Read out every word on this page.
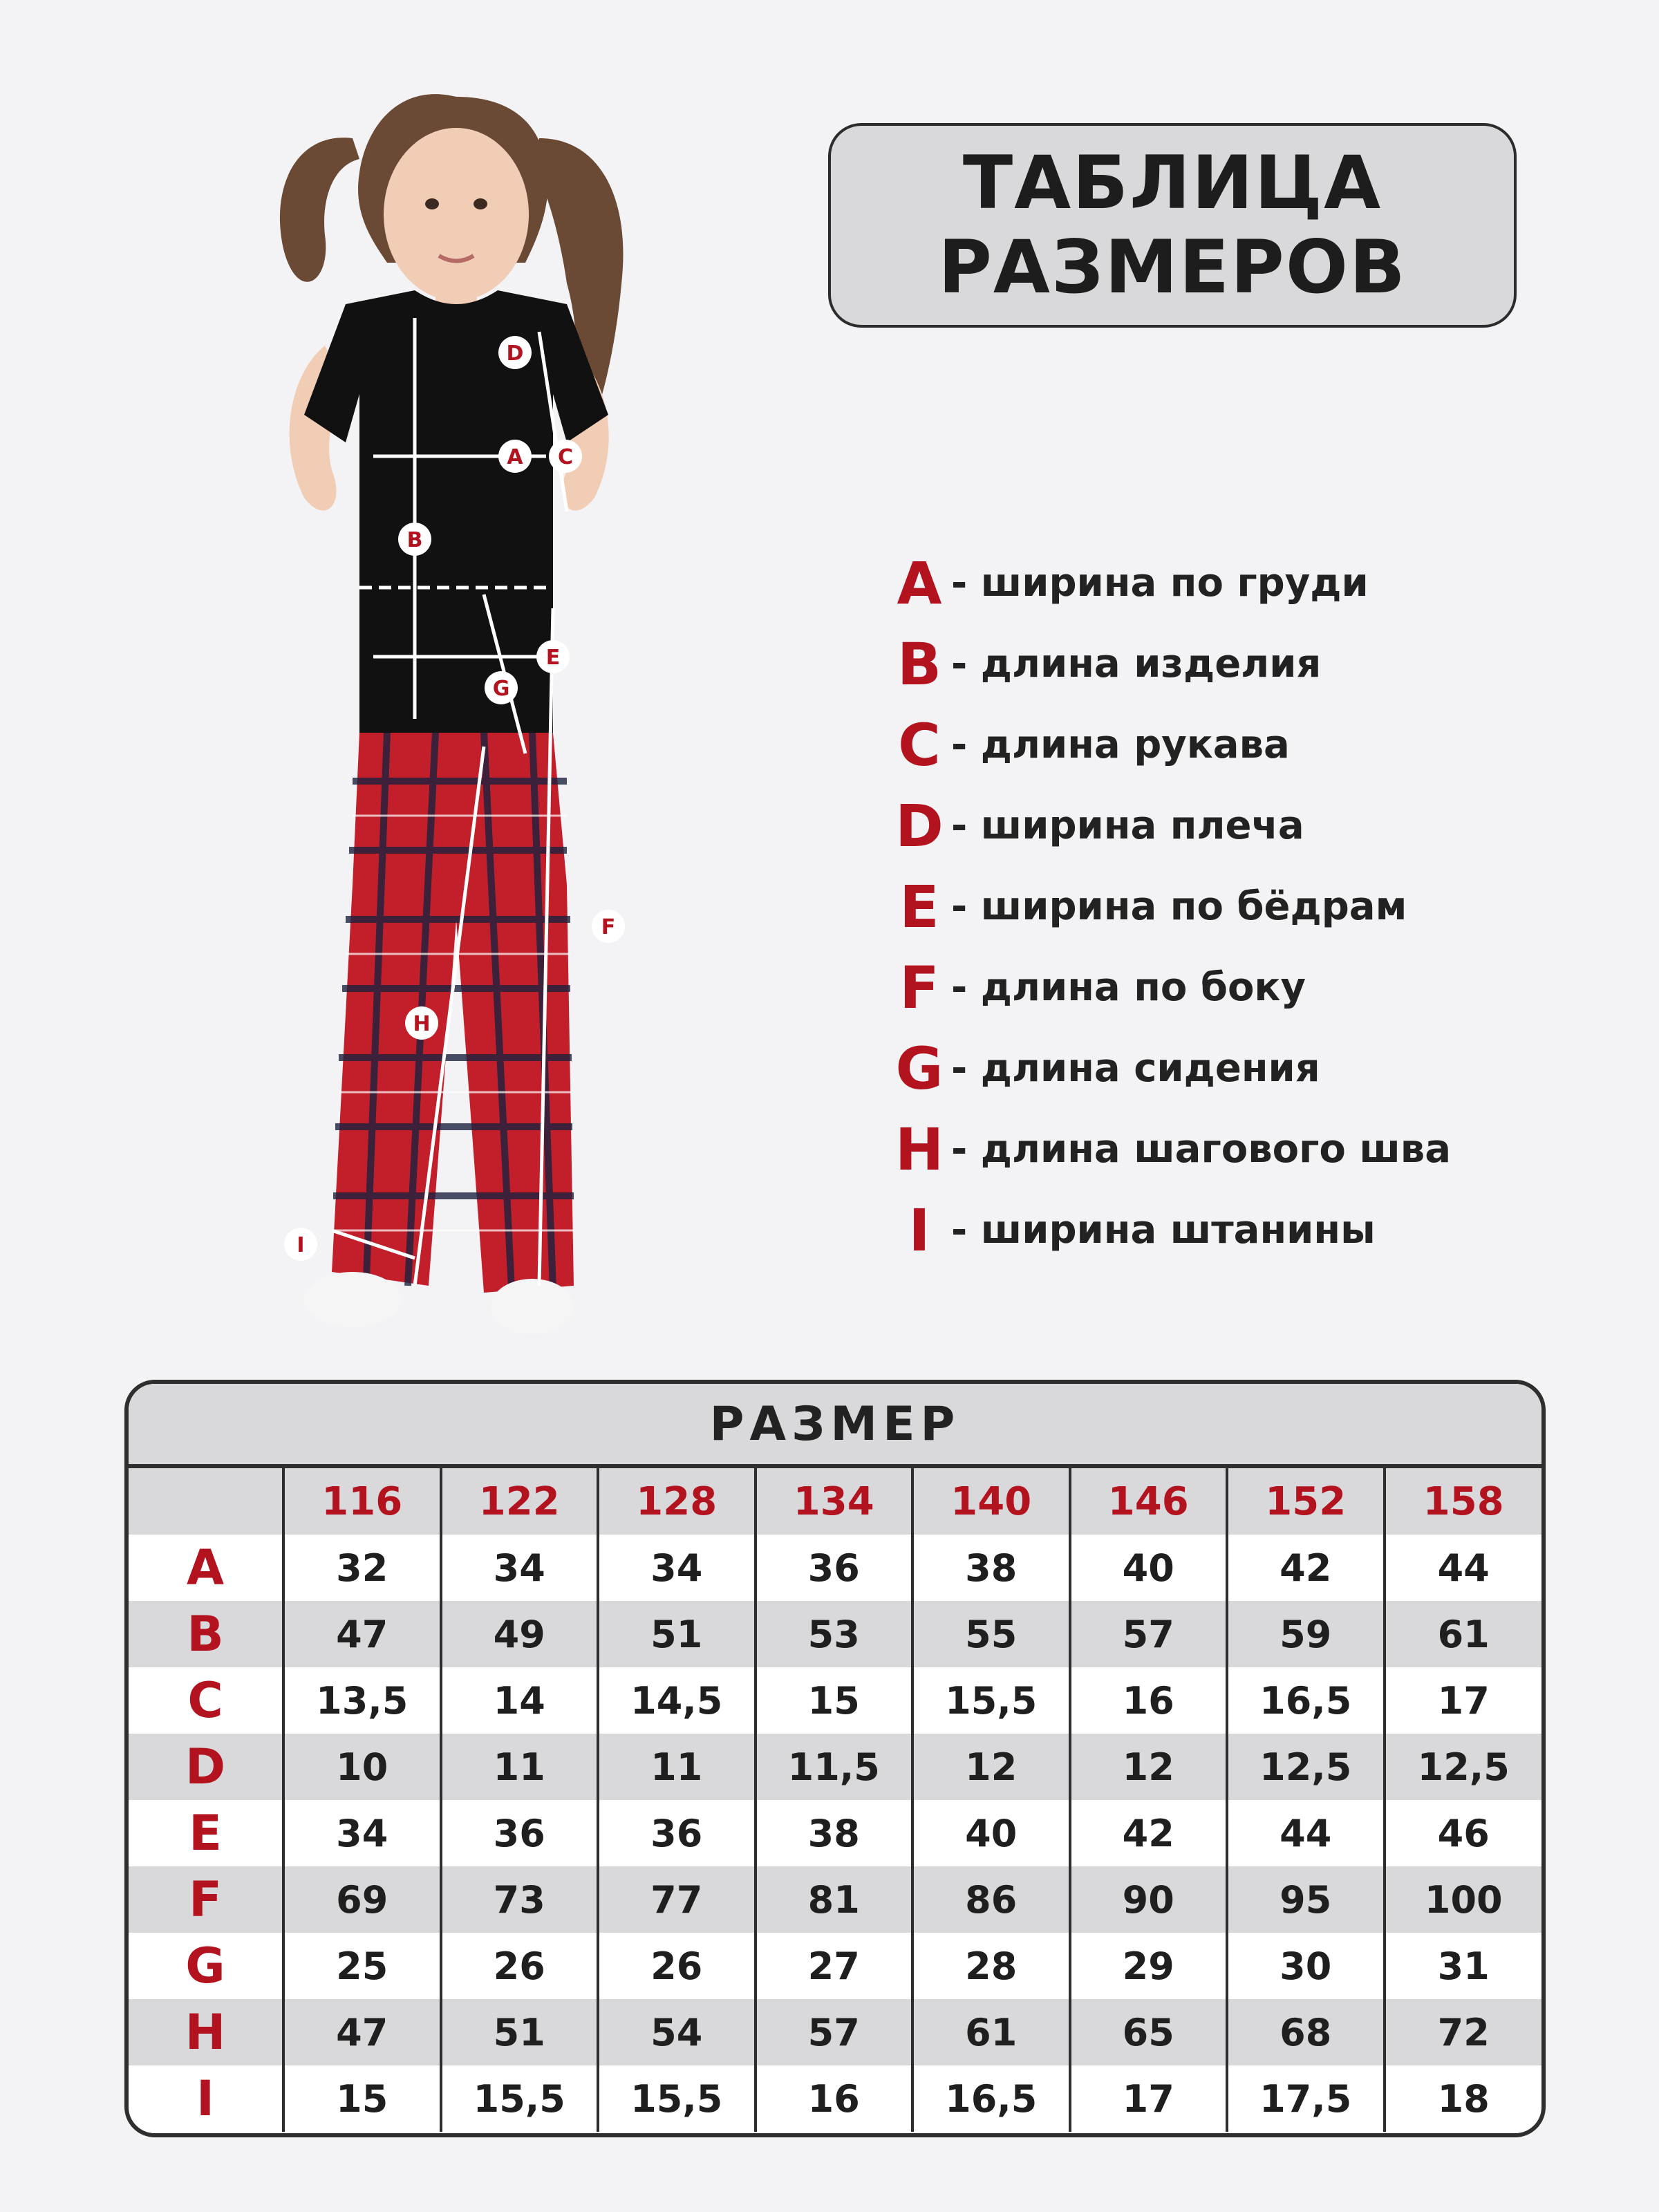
D
A C
B
E
G
F
H
I
ТАБЛИЦА
РАЗМЕРОВ
A - ширина по груди
B - длина изделия
C - длина рукава
D - ширина плеча
E - ширина по бёдрам
F - длина по боку
G - длина сидения
H - длина шагового шва
I - ширина штанины
РАЗМЕР
	116	122	128	134	140	146	152	158
A	32	34	34	36	38	40	42	44
B	47	49	51	53	55	57	59	61
C	13,5	14	14,5	15	15,5	16	16,5	17
D	10	11	11	11,5	12	12	12,5	12,5
E	34	36	36	38	40	42	44	46
F	69	73	77	81	86	90	95	100
G	25	26	26	27	28	29	30	31
H	47	51	54	57	61	65	68	72
I	15	15,5	15,5	16	16,5	17	17,5	18
